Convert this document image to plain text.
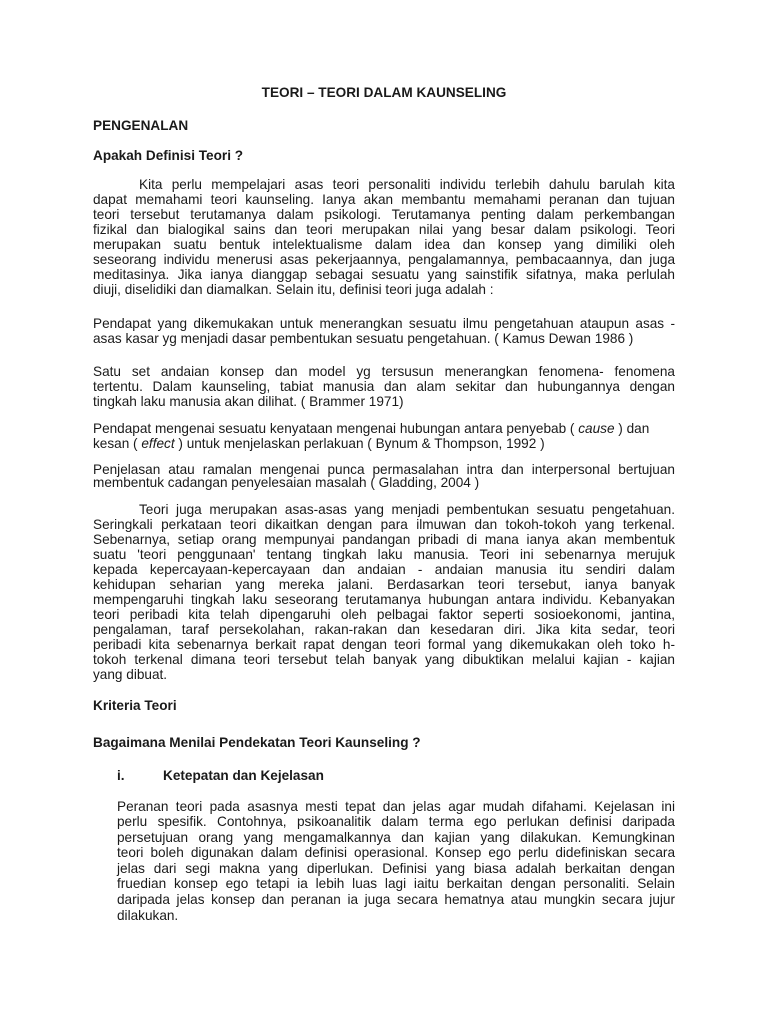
TEORI – TEORI DALAM KAUNSELING

PENGENALAN

Apakah Definisi Teori ?

Kita perlu mempelajari asas teori personaliti individu terlebih dahulu barulah kita

dapat memahami teori kaunseling. Ianya akan membantu memahami peranan dan tujuan

teori tersebut terutamanya dalam psikologi. Terutamanya penting dalam perkembangan

fizikal dan bialogikal sains dan teori merupakan nilai yang besar dalam psikologi. Teori

merupakan suatu bentuk intelektualisme dalam idea dan konsep yang dimiliki oleh

seseorang individu menerusi asas pekerjaannya, pengalamannya, pembacaannya, dan juga

meditasinya. Jika ianya dianggap sebagai sesuatu yang sainstifik sifatnya, maka perlulah

diuji, diselidiki dan diamalkan. Selain itu, definisi teori juga adalah :

Pendapat yang dikemukakan untuk menerangkan sesuatu ilmu pengetahuan ataupun asas -

asas kasar yg menjadi dasar pembentukan sesuatu pengetahuan. ( Kamus Dewan 1986 )

Satu set andaian konsep dan model yg tersusun menerangkan fenomena- fenomena

tertentu. Dalam kaunseling, tabiat manusia dan alam sekitar dan hubungannya dengan

tingkah laku manusia akan dilihat. ( Brammer 1971)

Pendapat mengenai sesuatu kenyataan mengenai hubungan antara penyebab ( cause ) dan

kesan ( effect ) untuk menjelaskan perlakuan ( Bynum & Thompson, 1992 )

Penjelasan atau ramalan mengenai punca permasalahan intra dan interpersonal bertujuan

membentuk cadangan penyelesaian masalah ( Gladding, 2004 )

Teori juga merupakan asas-asas yang menjadi pembentukan sesuatu pengetahuan.

Seringkali perkataan teori dikaitkan dengan para ilmuwan dan tokoh-tokoh yang terkenal.

Sebenarnya, setiap orang mempunyai pandangan pribadi di mana ianya akan membentuk

suatu 'teori penggunaan' tentang tingkah laku manusia. Teori ini sebenarnya merujuk

kepada kepercayaan-kepercayaan dan andaian - andaian manusia itu sendiri dalam

kehidupan seharian yang mereka jalani. Berdasarkan teori tersebut, ianya banyak

mempengaruhi tingkah laku seseorang terutamanya hubungan antara individu. Kebanyakan

teori peribadi kita telah dipengaruhi oleh pelbagai faktor seperti sosioekonomi, jantina,

pengalaman, taraf persekolahan, rakan-rakan dan kesedaran diri. Jika kita sedar, teori

peribadi kita sebenarnya berkait rapat dengan teori formal yang dikemukakan oleh toko h-

tokoh terkenal dimana teori tersebut telah banyak yang dibuktikan melalui kajian - kajian

yang dibuat.

Kriteria Teori

Bagaimana Menilai Pendekatan Teori Kaunseling ?

i.	Ketepatan dan Kejelasan

Peranan teori pada asasnya mesti tepat dan jelas agar mudah difahami. Kejelasan ini

perlu spesifik. Contohnya, psikoanalitik dalam terma ego perlukan definisi daripada

persetujuan orang yang mengamalkannya dan kajian yang dilakukan. Kemungkinan

teori boleh digunakan dalam definisi operasional. Konsep ego perlu didefiniskan secara

jelas dari segi makna yang diperlukan. Definisi yang biasa adalah berkaitan dengan

fruedian konsep ego tetapi ia lebih luas lagi iaitu berkaitan dengan personaliti. Selain

daripada jelas konsep dan peranan ia juga secara hematnya atau mungkin secara jujur

dilakukan.
